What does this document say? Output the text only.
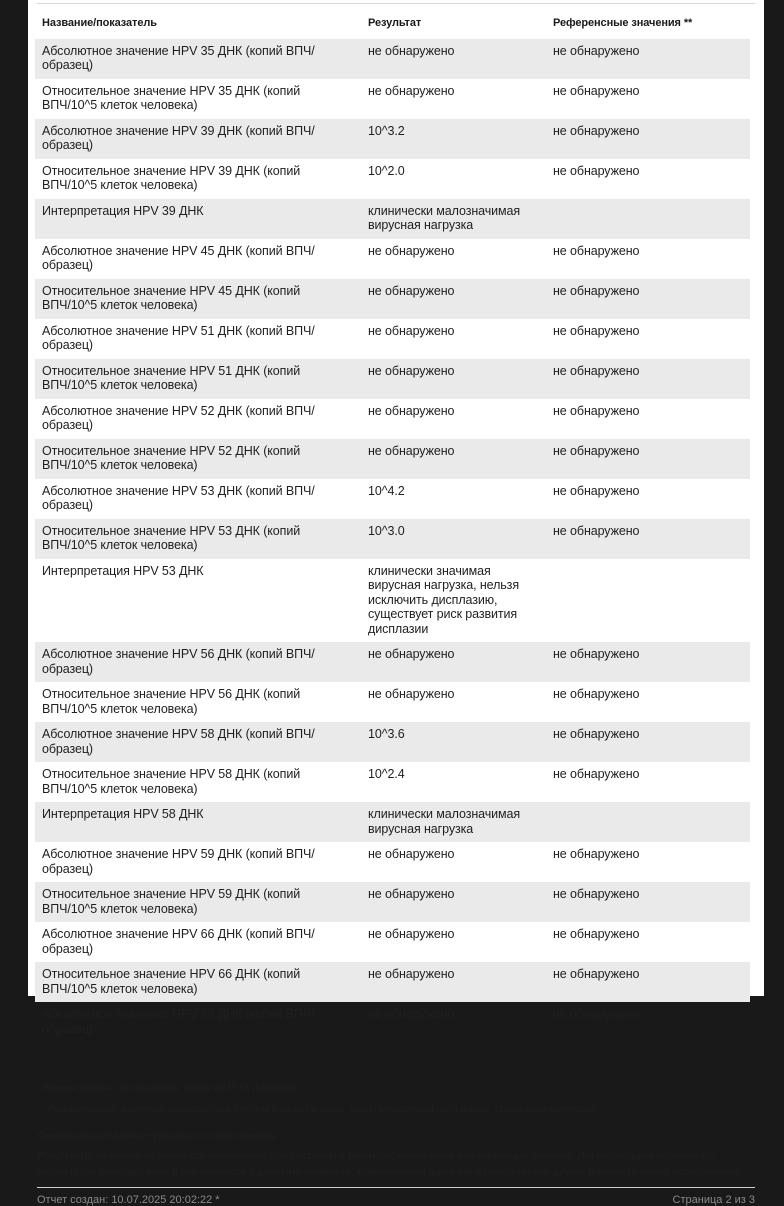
Название/показатель	Результат	Референсные значения **
Абсолютное значение HPV 35 ДНК (копий ВПЧ/образец)	не обнаружено	не обнаружено
Относительное значение HPV 35 ДНК (копий ВПЧ/10^5 клеток человека)	не обнаружено	не обнаружено
Абсолютное значение HPV 39 ДНК (копий ВПЧ/образец)	10^3.2	не обнаружено
Относительное значение HPV 39 ДНК (копий ВПЧ/10^5 клеток человека)	10^2.0	не обнаружено
Интерпретация HPV 39 ДНК	клинически малозначимая вирусная нагрузка	
Абсолютное значение HPV 45 ДНК (копий ВПЧ/образец)	не обнаружено	не обнаружено
Относительное значение HPV 45 ДНК (копий ВПЧ/10^5 клеток человека)	не обнаружено	не обнаружено
Абсолютное значение HPV 51 ДНК (копий ВПЧ/образец)	не обнаружено	не обнаружено
Относительное значение HPV 51 ДНК (копий ВПЧ/10^5 клеток человека)	не обнаружено	не обнаружено
Абсолютное значение HPV 52 ДНК (копий ВПЧ/образец)	не обнаружено	не обнаружено
Относительное значение HPV 52 ДНК (копий ВПЧ/10^5 клеток человека)	не обнаружено	не обнаружено
Абсолютное значение HPV 53 ДНК (копий ВПЧ/образец)	10^4.2	не обнаружено
Относительное значение HPV 53 ДНК (копий ВПЧ/10^5 клеток человека)	10^3.0	не обнаружено
Интерпретация HPV 53 ДНК	клинически значимая вирусная нагрузка, нельзя исключить дисплазию, существует риск развития дисплазии	
Абсолютное значение HPV 56 ДНК (копий ВПЧ/образец)	не обнаружено	не обнаружено
Относительное значение HPV 56 ДНК (копий ВПЧ/10^5 клеток человека)	не обнаружено	не обнаружено
Абсолютное значение HPV 58 ДНК (копий ВПЧ/образец)	10^3.6	не обнаружено
Относительное значение HPV 58 ДНК (копий ВПЧ/10^5 клеток человека)	10^2.4	не обнаружено
Интерпретация HPV 58 ДНК	клинически малозначимая вирусная нагрузка	
Абсолютное значение HPV 59 ДНК (копий ВПЧ/образец)	не обнаружено	не обнаружено
Относительное значение HPV 59 ДНК (копий ВПЧ/10^5 клеток человека)	не обнаружено	не обнаружено
Абсолютное значение HPV 66 ДНК (копий ВПЧ/образец)	не обнаружено	не обнаружено
Относительное значение HPV 66 ДНК (копий ВПЧ/10^5 клеток человека)	не обнаружено	не обнаружено
Абсолютное значение HPV 68 ДНК (копий ВПЧ/образец)	не обнаружено	не обнаружено

* Время указано по часовому поясу GMT+3 (Москва)

** Референсные значения приводятся с учетом возраста, пола, фазы менструального цикла, срока беременности.

Персональные данные указаны со слов клиента.

Результаты анализов не являются основанием для постановки диагноза, назначения или коррекции лечения. Интерпретацию полученных результатов проводит врач в совокупности с данными анамнеза, клиническими данными и результатами других диагностических исследований.

Отчет создан: 10.07.2025 20:02:22 *	Страница 2 из 3
